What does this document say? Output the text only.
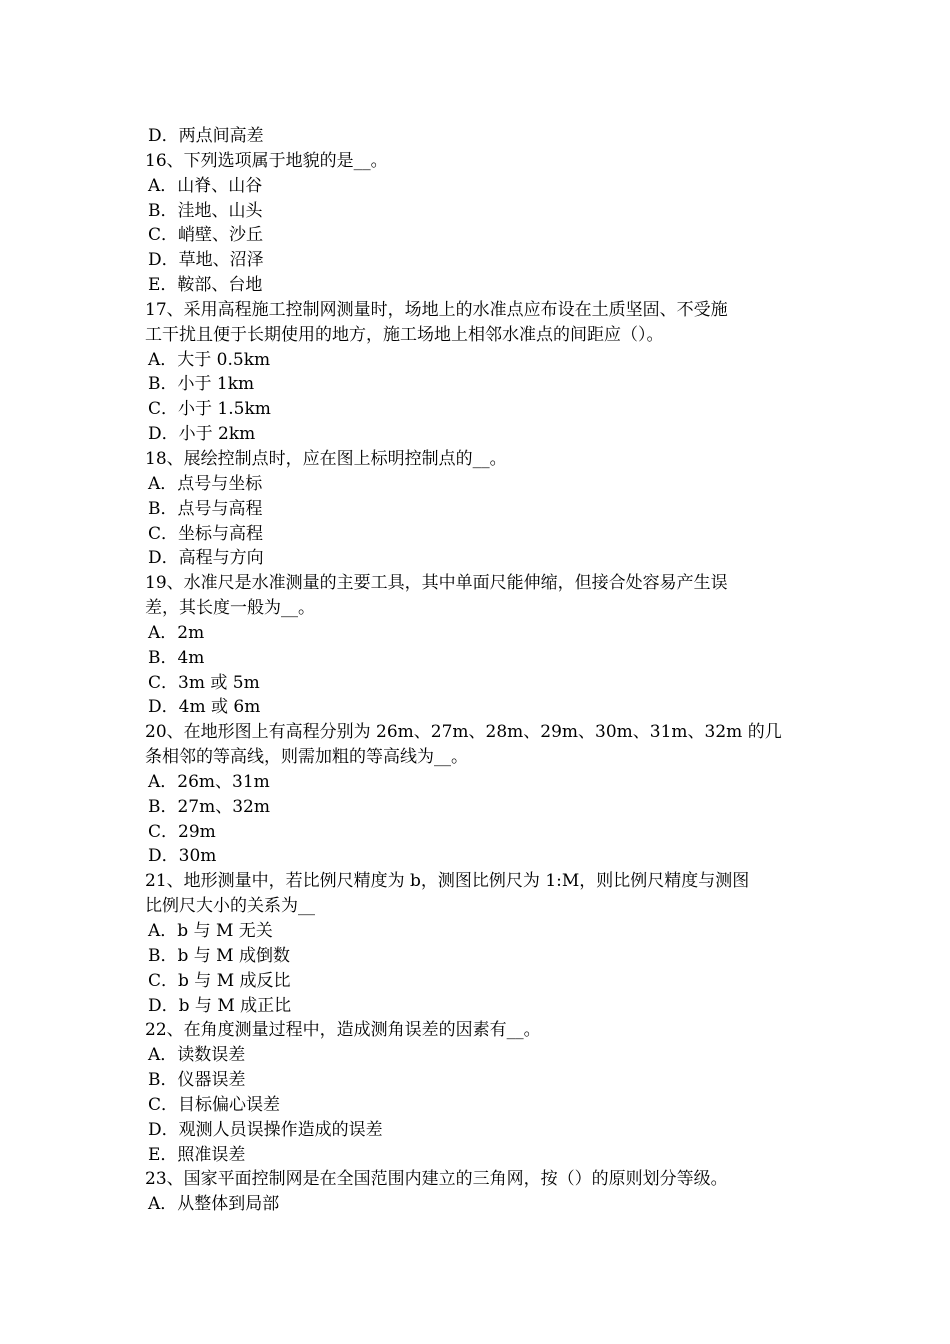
D．两点间高差
16、下列选项属于地貌的是__。
A．山脊、山谷
B．洼地、山头
C．峭壁、沙丘
D．草地、沼泽
E．鞍部、台地
17、采用高程施工控制网测量时，场地上的水准点应布设在土质坚固、不受施
工干扰且便于长期使用的地方，施工场地上相邻水准点的间距应（）。
A．大于 0.5km
B．小于 1km
C．小于 1.5km
D．小于 2km
18、展绘控制点时，应在图上标明控制点的__。
A．点号与坐标
B．点号与高程
C．坐标与高程
D．高程与方向
19、水准尺是水准测量的主要工具，其中单面尺能伸缩，但接合处容易产生误
差，其长度一般为__。
A．2m
B．4m
C．3m 或 5m
D．4m 或 6m
20、在地形图上有高程分别为 26m、27m、28m、29m、30m、31m、32m 的几
条相邻的等高线，则需加粗的等高线为__。
A．26m、31m
B．27m、32m
C．29m
D．30m
21、地形测量中，若比例尺精度为 b，测图比例尺为 1:M，则比例尺精度与测图
比例尺大小的关系为__
A．b 与 M 无关
B．b 与 M 成倒数
C．b 与 M 成反比
D．b 与 M 成正比
22、在角度测量过程中，造成测角误差的因素有__。
A．读数误差
B．仪器误差
C．目标偏心误差
D．观测人员误操作造成的误差
E．照准误差
23、国家平面控制网是在全国范围内建立的三角网，按（）的原则划分等级。
A．从整体到局部
